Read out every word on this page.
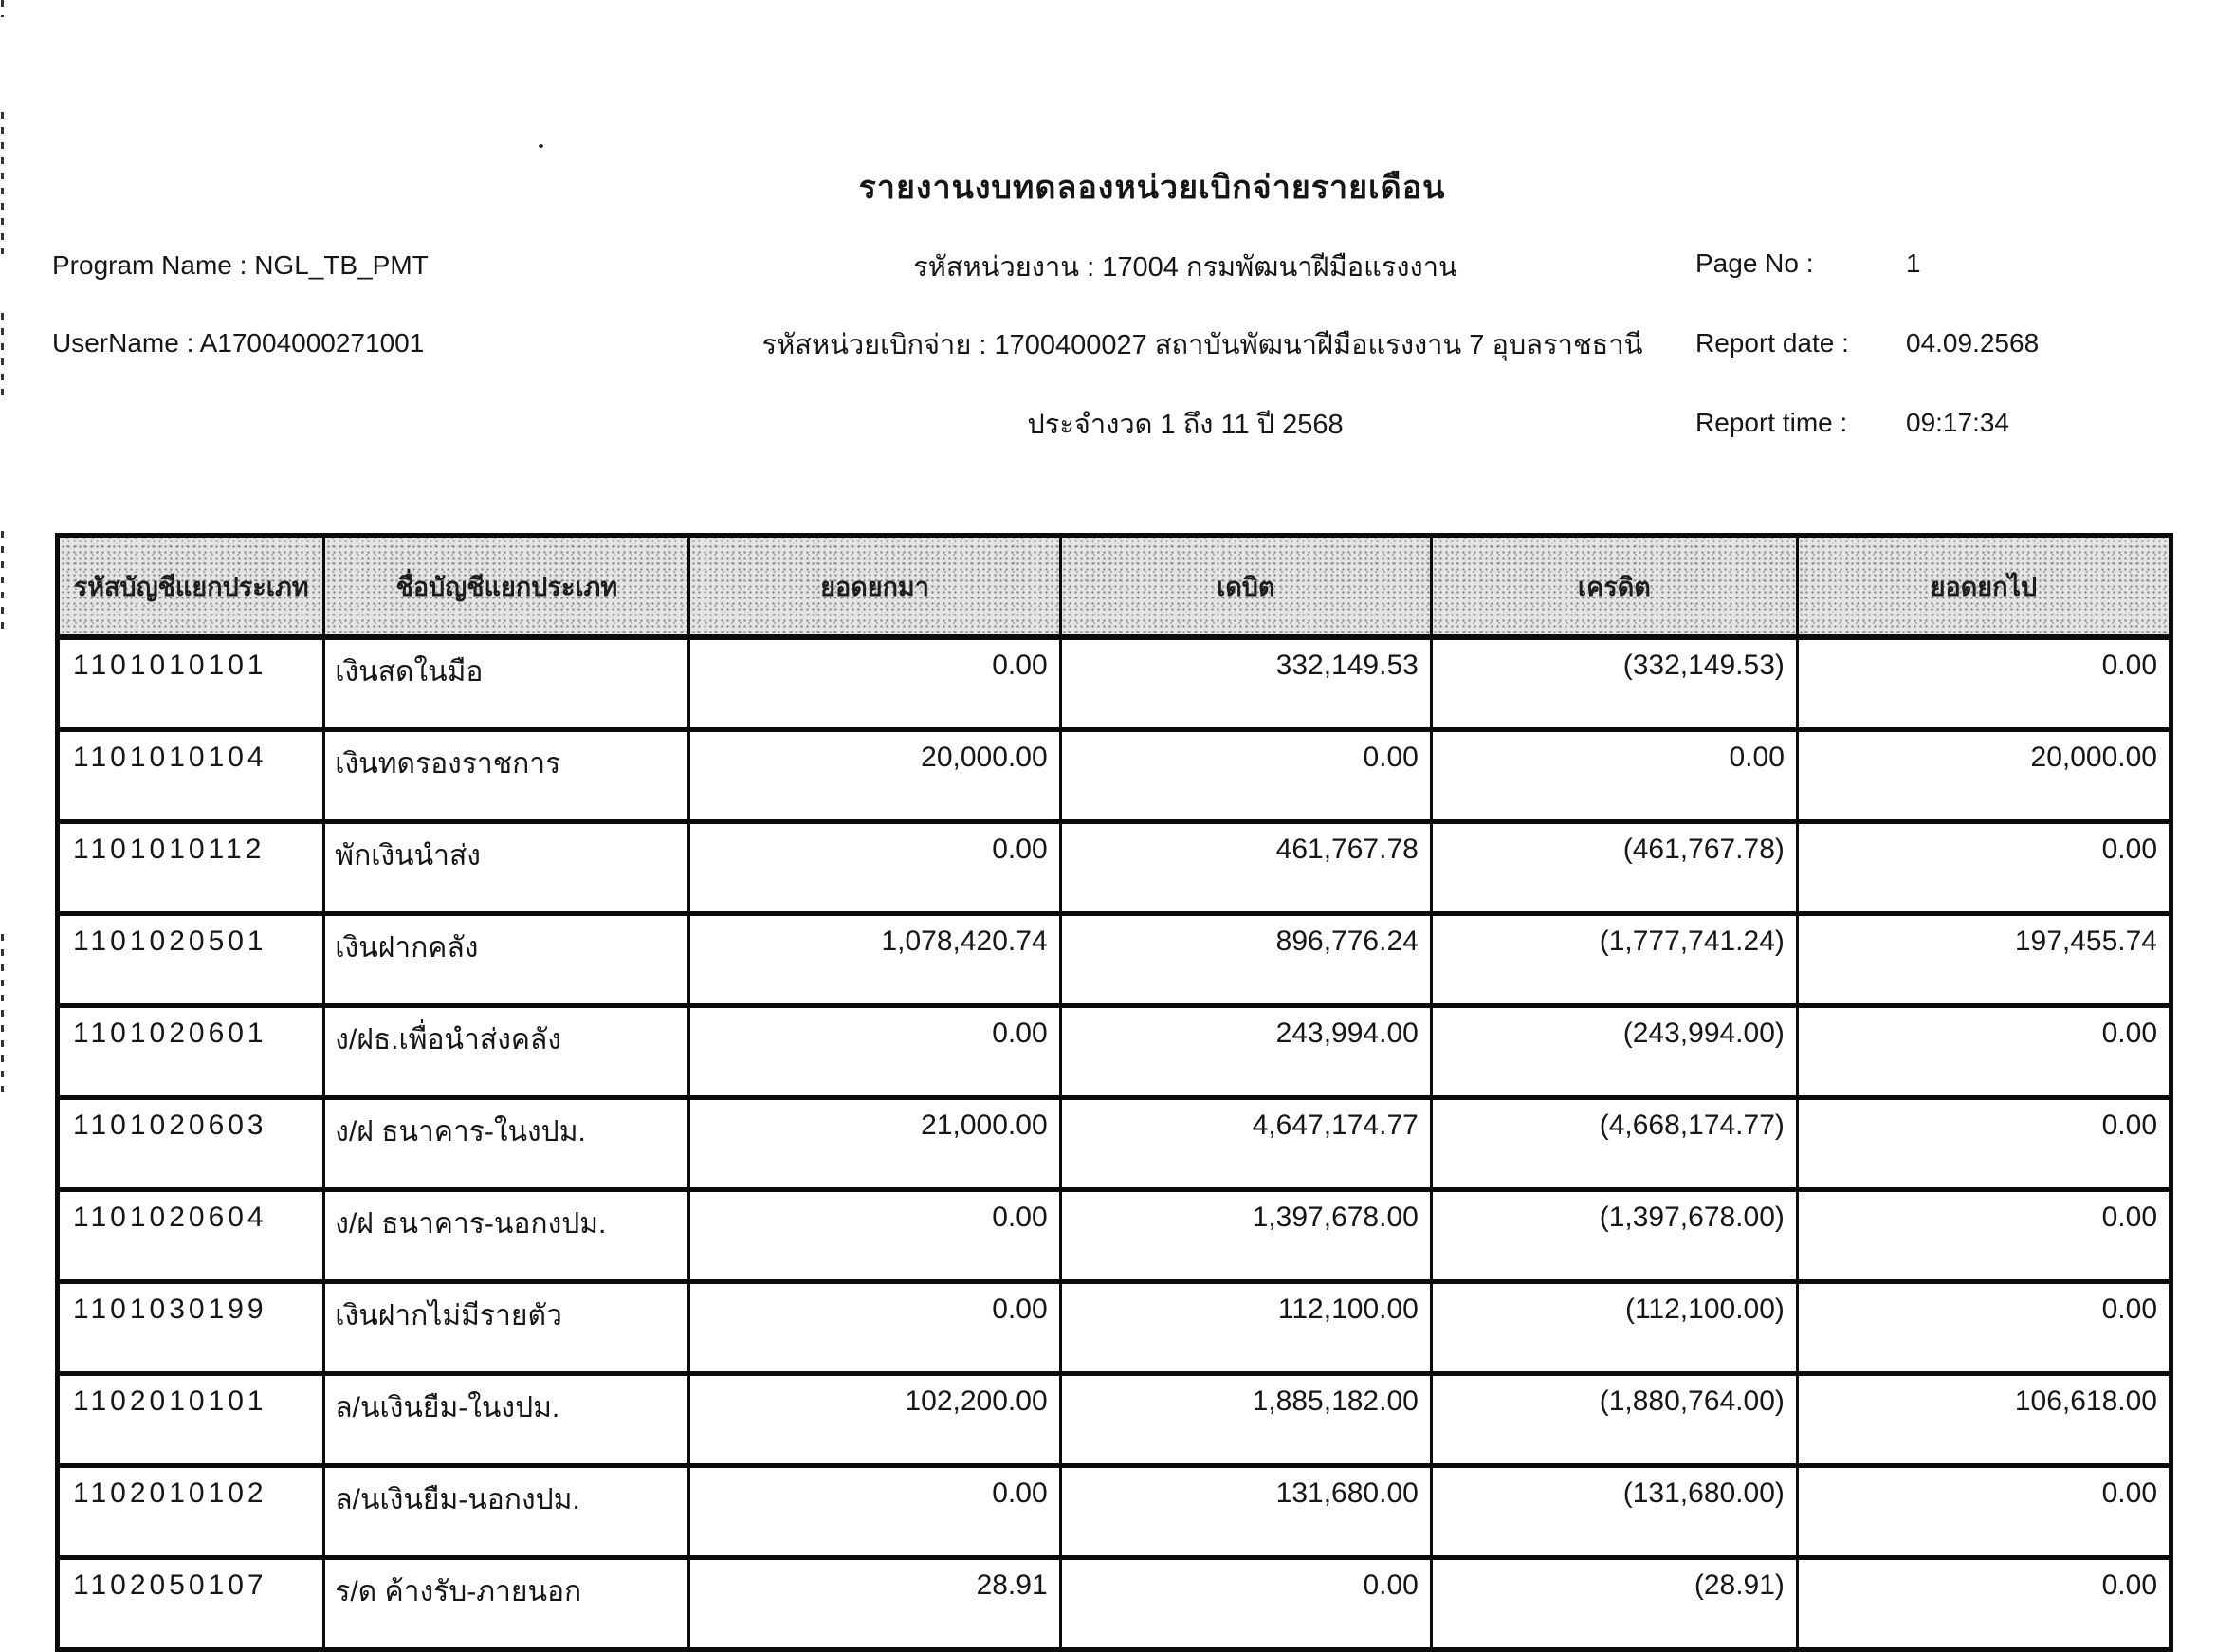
รายงานงบทดลองหน่วยเบิกจ่ายรายเดือน
Program Name : NGL_TB_PMT	รหัสหน่วยงาน : 17004 กรมพัฒนาฝีมือแรงงาน	Page No :	1
UserName : A17004000271001	รหัสหน่วยเบิกจ่าย : 1700400027 สถาบันพัฒนาฝีมือแรงงาน 7 อุบลราชธานี Report date : 04.09.2568
ประจำงวด 1 ถึง 11 ปี 2568	Report time : 09:17:34
รหัสบัญชีแยกประเภท	ชื่อบัญชีแยกประเภท	ยอดยกมา	เดบิต	เครดิต	ยอดยกไป
1101010101	เงินสดในมือ	0.00	332,149.53	(332,149.53)	0.00
1101010104	เงินทดรองราชการ	20,000.00	0.00	0.00	20,000.00
1101010112	พักเงินนำส่ง	0.00	461,767.78	(461,767.78)	0.00
1101020501	เงินฝากคลัง	1,078,420.74	896,776.24	(1,777,741.24)	197,455.74
1101020601	ง/ฝธ.เพื่อนำส่งคลัง	0.00	243,994.00	(243,994.00)	0.00
1101020603	ง/ฝ ธนาคาร-ในงปม.	21,000.00	4,647,174.77	(4,668,174.77)	0.00
1101020604	ง/ฝ ธนาคาร-นอกงปม.	0.00	1,397,678.00	(1,397,678.00)	0.00
1101030199	เงินฝากไม่มีรายตัว	0.00	112,100.00	(112,100.00)	0.00
1102010101	ล/นเงินยืม-ในงปม.	102,200.00	1,885,182.00	(1,880,764.00)	106,618.00
1102010102	ล/นเงินยืม-นอกงปม.	0.00	131,680.00	(131,680.00)	0.00
1102050107	ร/ด ค้างรับ-ภายนอก	28.91	0.00	(28.91)	0.00
